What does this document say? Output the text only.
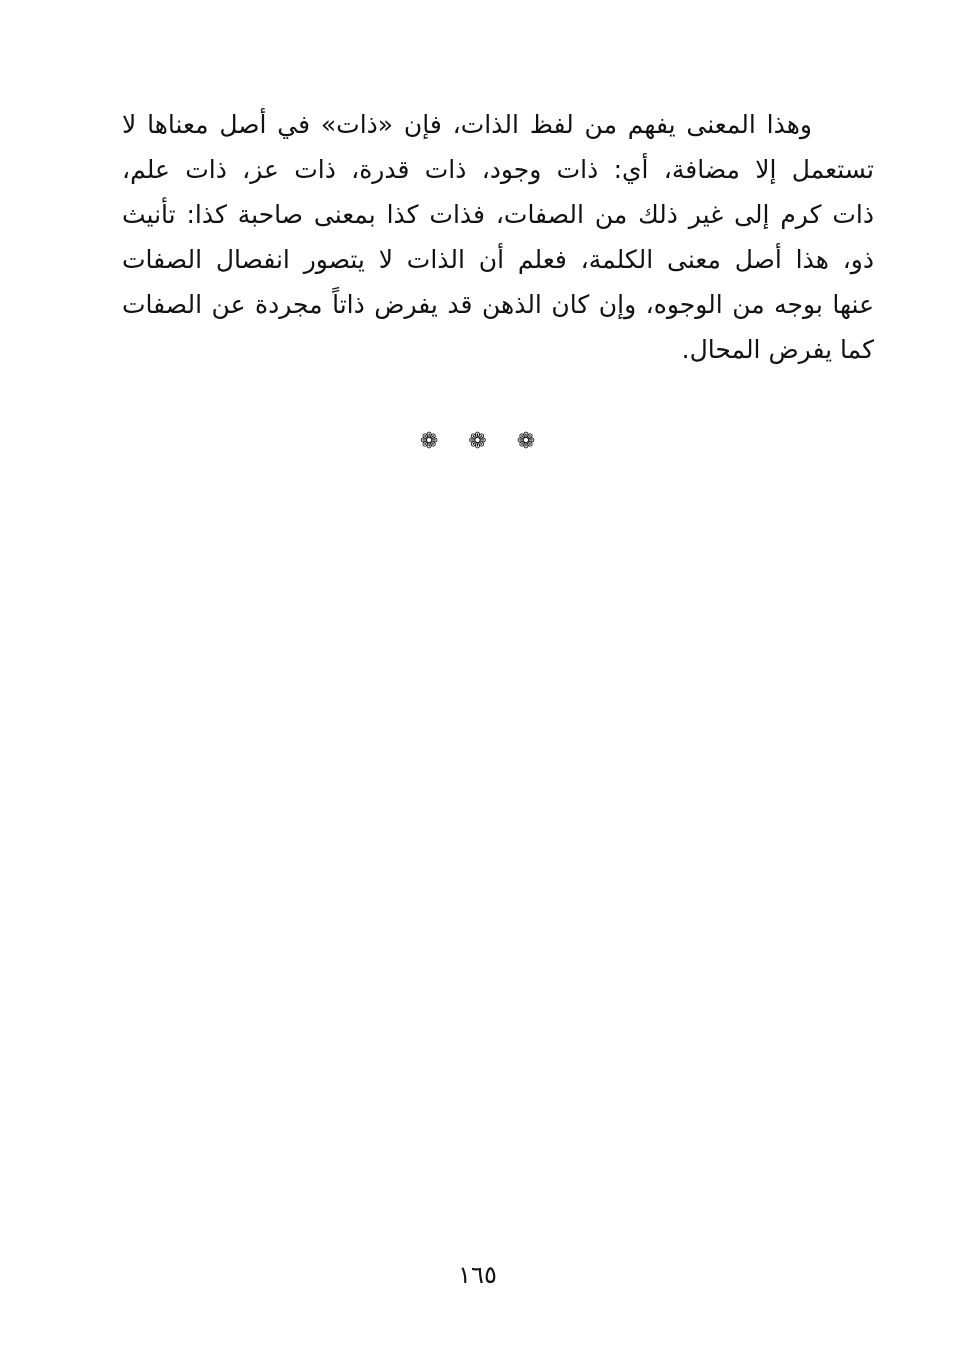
وهذا المعنى يفهم من لفظ الذات، فإن «ذات» في أصل معناها لا
تستعمل إلا مضافة، أي: ذات وجود، ذات قدرة، ذات عز، ذات علم،
ذات كرم إلى غير ذلك من الصفات، فذات كذا بمعنى صاحبة كذا: تأنيث
ذو، هذا أصل معنى الكلمة، فعلم أن الذات لا يتصور انفصال الصفات
عنها بوجه من الوجوه، وإن كان الذهن قد يفرض ذاتاً مجردة عن الصفات
كما يفرض المحال.
❁
❁
❁
١٦٥
